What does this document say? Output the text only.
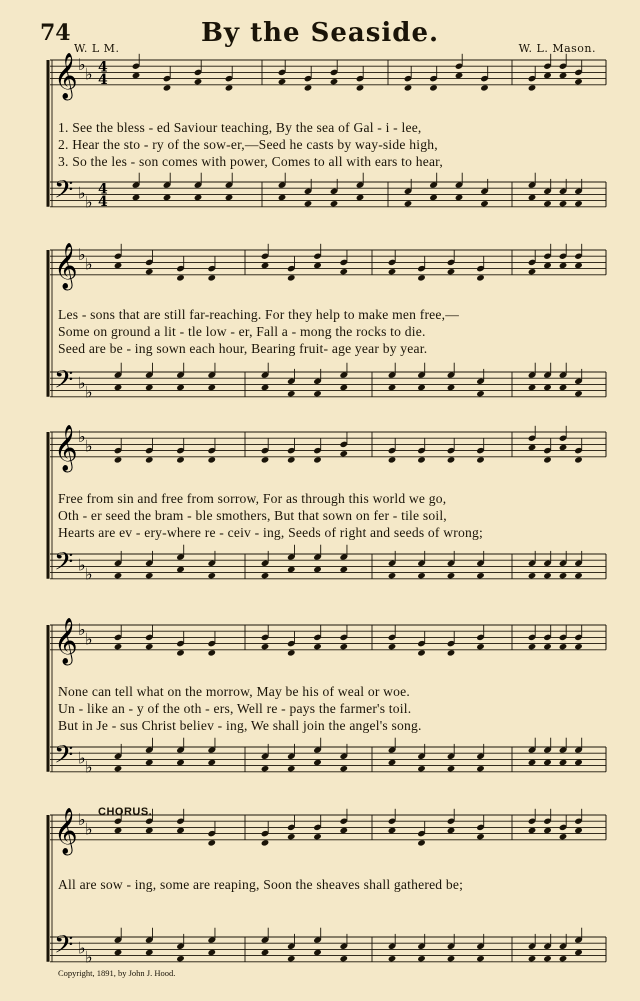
74	By the Seaside.
W. L M.	W. L. Mason.
𝄞
𝄢
♭ ♭
♭ ♭
4
4
4
4
1. See the bless - ed Saviour teaching, By the sea of Gal - i - lee,
2. Hear the sto - ry of the sow-er,—Seed he casts by way-side high,
3. So the les - son comes with power, Comes to all with ears to hear,
𝄞
𝄢
♭ ♭
♭ ♭
Les - sons that are still far-reaching. For they help to make men free,—
Some on ground a lit - tle low - er, Fall a - mong the rocks to die.
Seed are be - ing sown each hour, Bearing fruit- age year by year.
𝄞
𝄢
♭ ♭
♭ ♭
Free from sin and free from sorrow, For as through this world we go,
Oth - er seed the bram - ble smothers, But that sown on fer - tile soil,
Hearts are ev - ery-where re - ceiv - ing, Seeds of right and seeds of wrong;
𝄞
𝄢
♭ ♭
♭ ♭
None can tell what on the morrow, May be his of weal or woe.
Un - like an - y of the oth - ers, Well re - pays the farmer's toil.
But in Je - sus Christ believ - ing, We shall join the angel's song.
𝄞
𝄢
♭ ♭
♭ ♭
All are sow - ing, some are reaping, Soon the sheaves shall gathered be;
CHORUS.
Copyright, 1891, by John J. Hood.
